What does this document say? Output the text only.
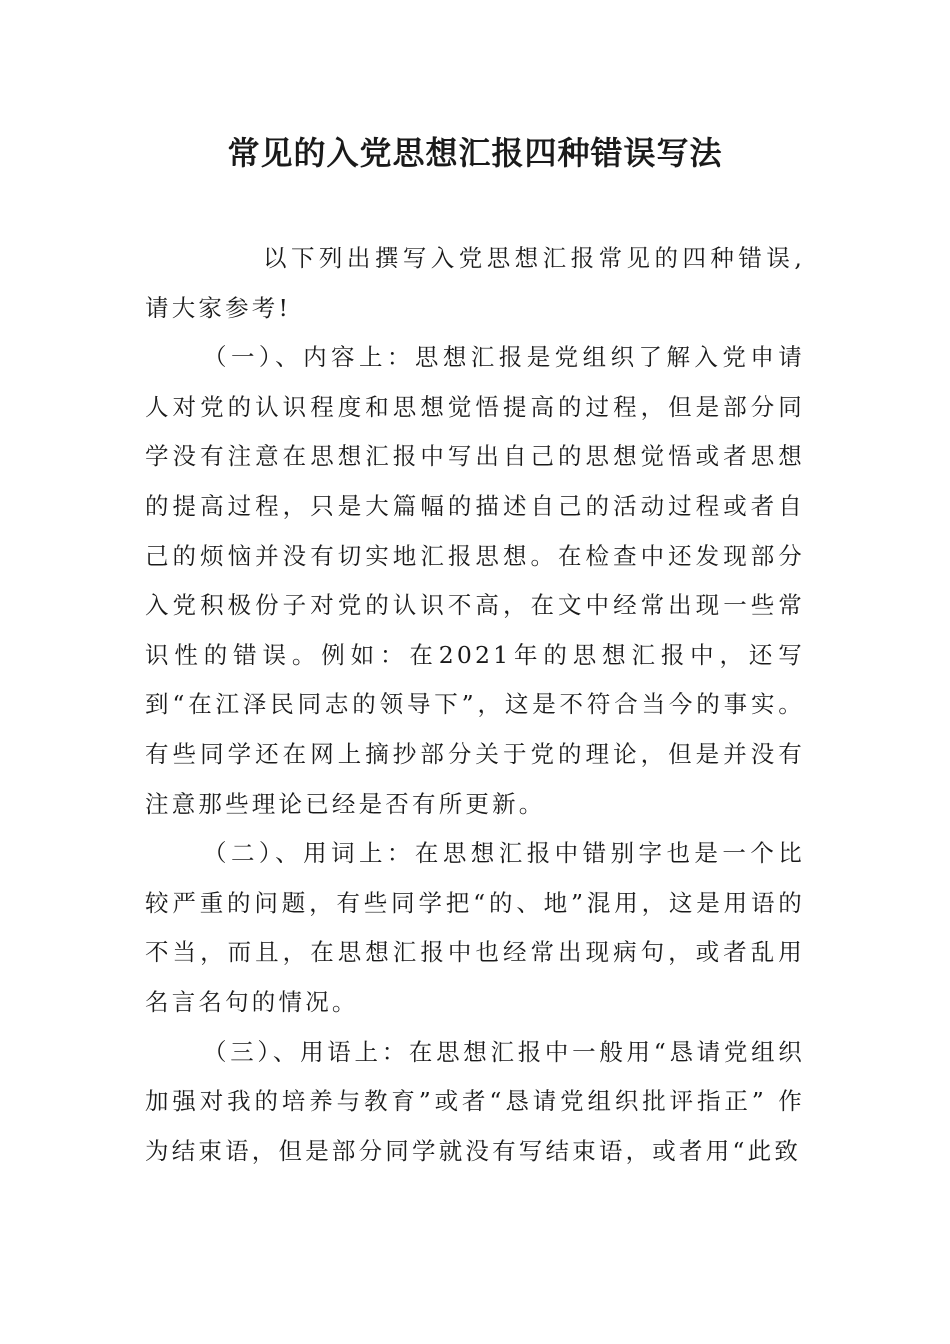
常见的入党思想汇报四种错误写法

以下列出撰写入党思想汇报常见的四种错误,请大家参考!

（一）、内容上：思想汇报是党组织了解入党申请人对党的认识程度和思想觉悟提高的过程，但是部分同学没有注意在思想汇报中写出自己的思想觉悟或者思想的提高过程，只是大篇幅的描述自己的活动过程或者自己的烦恼并没有切实地汇报思想。在检查中还发现部分入党积极份子对党的认识不高，在文中经常出现一些常识性的错误。例如：在2021年的思想汇报中，还写到“在江泽民同志的领导下”，这是不符合当今的事实。有些同学还在网上摘抄部分关于党的理论，但是并没有注意那些理论已经是否有所更新。

（二）、用词上：在思想汇报中错别字也是一个比较严重的问题，有些同学把“的、地”混用，这是用语的不当，而且，在思想汇报中也经常出现病句，或者乱用名言名句的情况。

（三）、用语上：在思想汇报中一般用“恳请党组织加强对我的培养与教育”或者“恳请党组织批评指正” 作为结束语，但是部分同学就没有写结束语，或者用“此致
